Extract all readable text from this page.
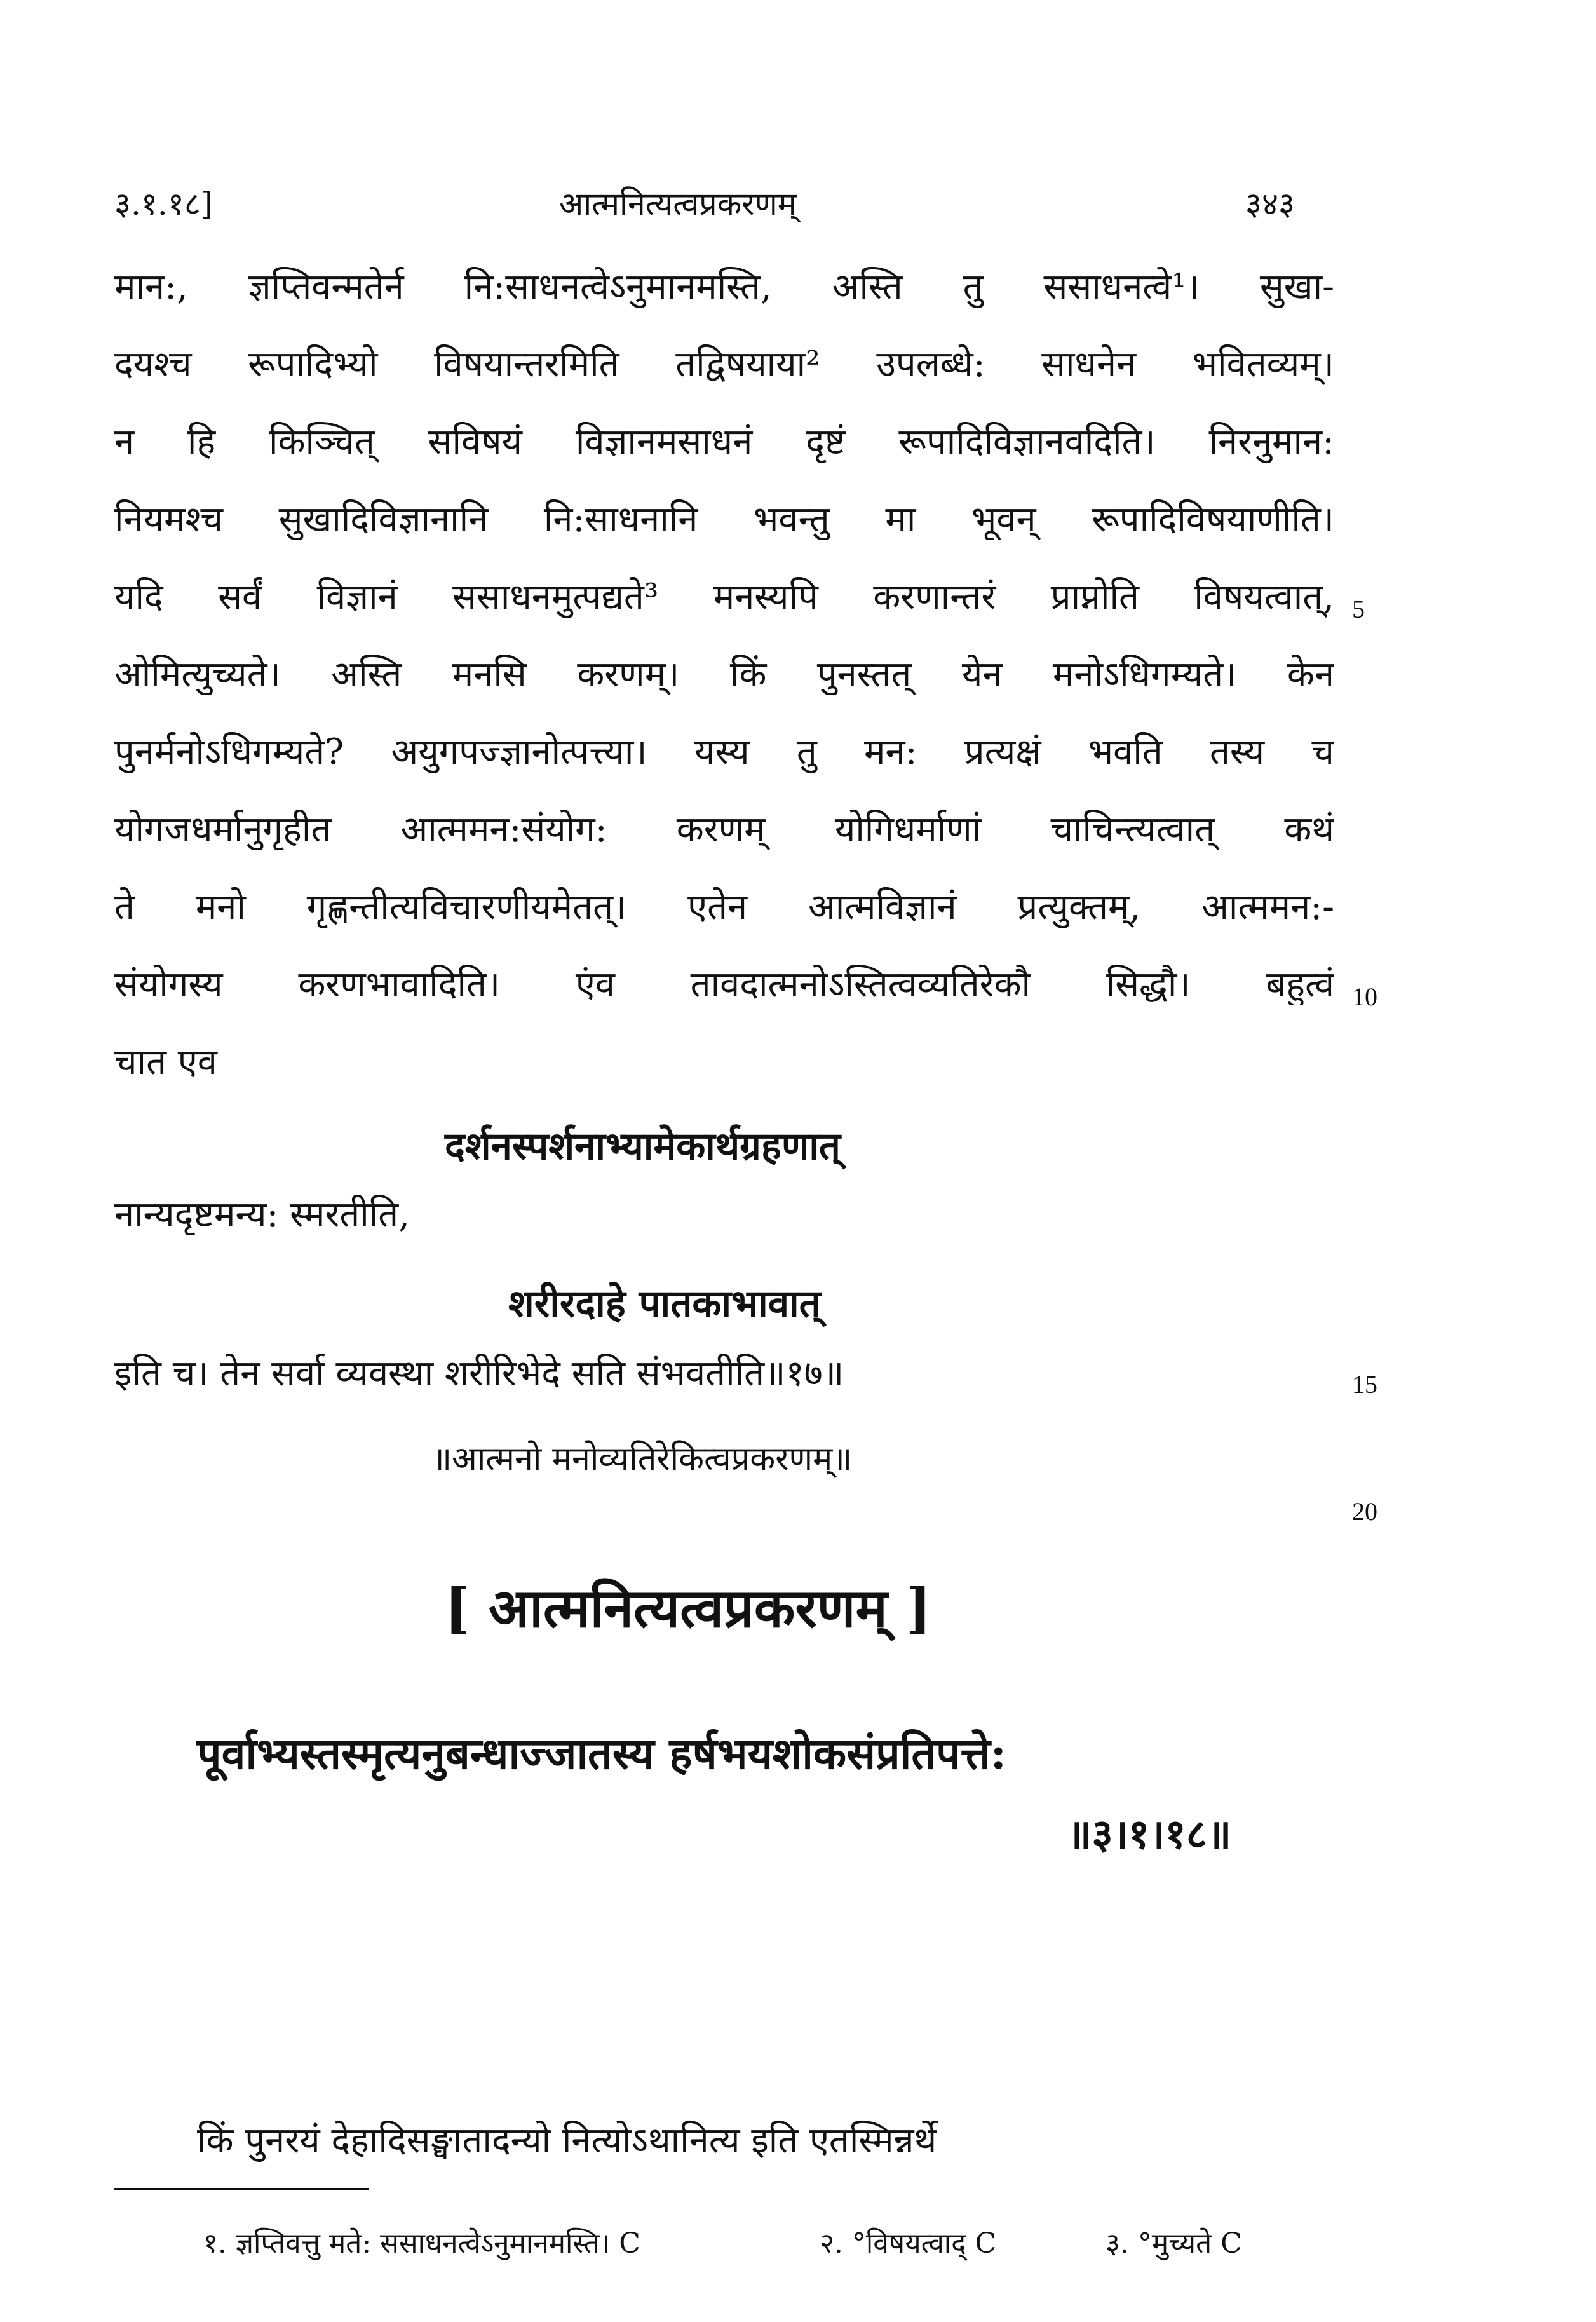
३.१.१८]	आत्मनित्यत्वप्रकरणम्	३४३
मान:, ज्ञप्तिवन्मतेर्न नि:साधनत्वेऽनुमानमस्ति, अस्ति तु ससाधनत्वे¹। सुखा-
दयश्च रूपादिभ्यो विषयान्तरमिति तद्विषयाया² उपलब्धे: साधनेन भवितव्यम्।
न हि किञ्चित् सविषयं विज्ञानमसाधनं दृष्टं रूपादिविज्ञानवदिति। निरनुमान:
नियमश्च सुखादिविज्ञानानि नि:साधनानि भवन्तु मा भूवन् रूपादिविषयाणीति।
यदि सर्वं विज्ञानं ससाधनमुत्पद्यते³ मनस्यपि करणान्तरं प्राप्नोति विषयत्वात्,
ओमित्युच्यते। अस्ति मनसि करणम्। किं पुनस्तत् येन मनोऽधिगम्यते। केन
पुनर्मनोऽधिगम्यते? अयुगपज्ज्ञानोत्पत्त्या। यस्य तु मन: प्रत्यक्षं भवति तस्य च
योगजधर्मानुगृहीत आत्ममन:संयोग: करणम् योगिधर्माणां चाचिन्त्यत्वात् कथं
ते मनो गृह्णन्तीत्यविचारणीयमेतत्। एतेन आत्मविज्ञानं प्रत्युक्तम्, आत्ममन:-
संयोगस्य करणभावादिति। एंव तावदात्मनोऽस्तित्वव्यतिरेकौ सिद्धौ। बहुत्वं
चात एव
5
10
15
20
दर्शनस्पर्शनाभ्यामेकार्थग्रहणात्
नान्यदृष्टमन्य: स्मरतीति,
शरीरदाहे पातकाभावात्
इति च। तेन सर्वा व्यवस्था शरीरिभेदे सति संभवतीति॥१७॥
॥आत्मनो मनोव्यतिरेकित्वप्रकरणम्॥
[ आत्मनित्यत्वप्रकरणम् ]
पूर्वाभ्यस्तस्मृत्यनुबन्धाज्जातस्य हर्षभयशोकसंप्रतिपत्ते:
॥३।१।१८॥
किं पुनरयं देहादिसङ्घातादन्यो नित्योऽथानित्य इति एतस्मिन्नर्थे
१. ज्ञप्तिवत्तु मते: ससाधनत्वेऽनुमानमस्ति। C	२. °विषयत्वाद् C	३. °मुच्यते C
